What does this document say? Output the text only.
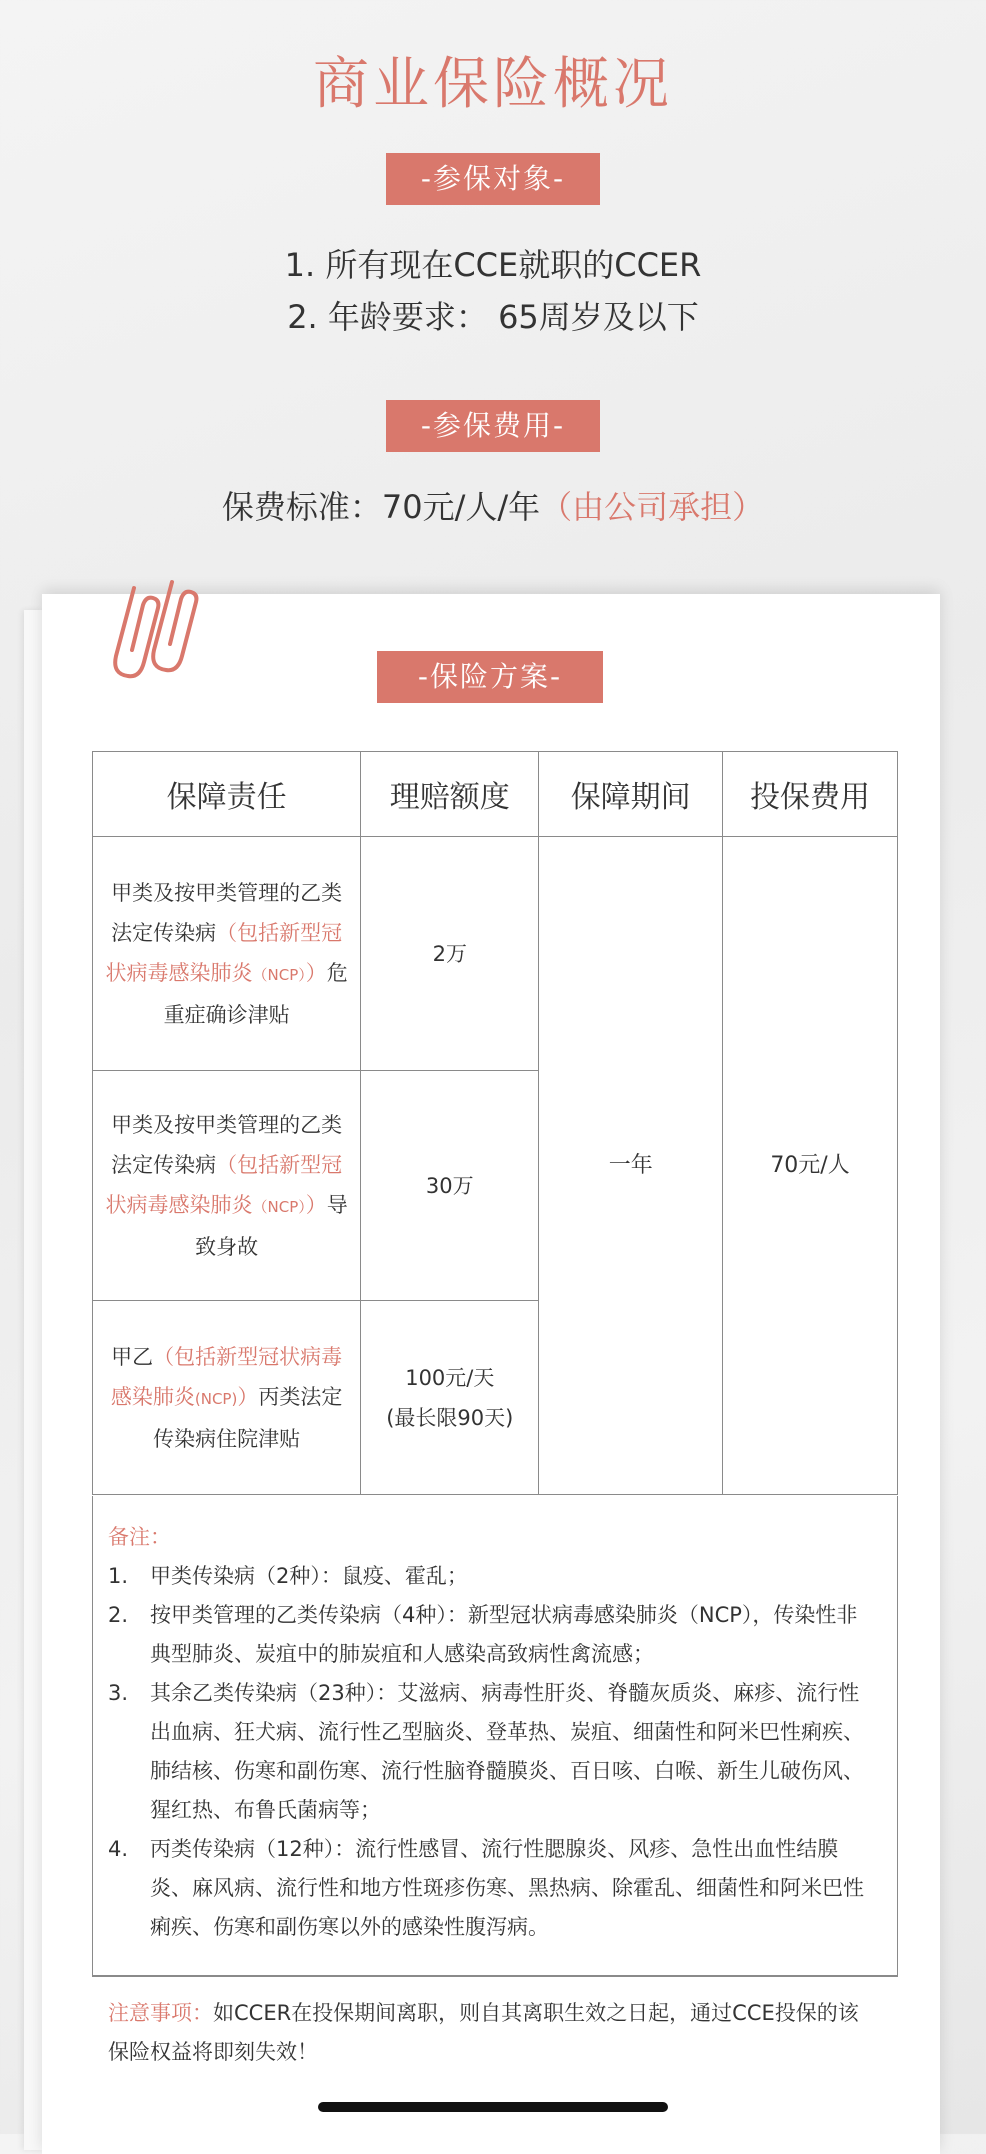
商业保险概况
-参保对象-
1. 所有现在CCE就职的CCER
2. 年龄要求： 65周岁及以下
-参保费用-
保费标准：70元/人/年（由公司承担）
-保险方案-
保障责任	理赔额度	保障期间	投保费用
甲类及按甲类管理的乙类法定传染病（包括新型冠状病毒感染肺炎（NCP））危重症确诊津贴	2万	一年	70元/人
甲类及按甲类管理的乙类法定传染病（包括新型冠状病毒感染肺炎（NCP））导致身故	30万		
甲乙（包括新型冠状病毒感染肺炎(NCP)）丙类法定传染病住院津贴	100元/天
(最长限90天)		
备注：
1.	甲类传染病（2种）：鼠疫、霍乱；
2.	按甲类管理的乙类传染病（4种）：新型冠状病毒感染肺炎（NCP），传染性非典型肺炎、炭疽中的肺炭疽和人感染高致病性禽流感；
3.	其余乙类传染病（23种）：艾滋病、病毒性肝炎、脊髓灰质炎、麻疹、流行性出血病、狂犬病、流行性乙型脑炎、登革热、炭疽、细菌性和阿米巴性痢疾、肺结核、伤寒和副伤寒、流行性脑脊髓膜炎、百日咳、白喉、新生儿破伤风、猩红热、布鲁氏菌病等；
4.	丙类传染病（12种）：流行性感冒、流行性腮腺炎、风疹、急性出血性结膜炎、麻风病、流行性和地方性斑疹伤寒、黑热病、除霍乱、细菌性和阿米巴性痢疾、伤寒和副伤寒以外的感染性腹泻病。
注意事项：如CCER在投保期间离职，则自其离职生效之日起，通过CCE投保的该保险权益将即刻失效！
